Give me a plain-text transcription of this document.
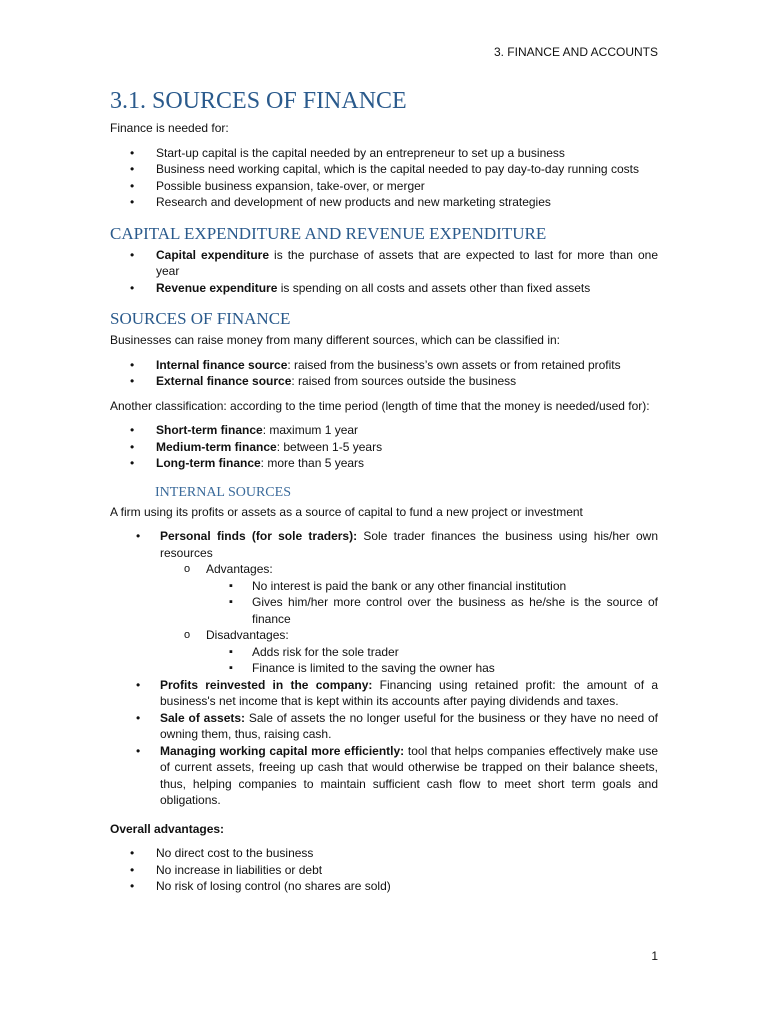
3. FINANCE AND ACCOUNTS
3.1. SOURCES OF FINANCE

Finance is needed for:

• Start-up capital is the capital needed by an entrepreneur to set up a business
• Business need working capital, which is the capital needed to pay day-to-day running costs
• Possible business expansion, take-over, or merger
• Research and development of new products and new marketing strategies
CAPITAL EXPENDITURE AND REVENUE EXPENDITURE
• Capital expenditure is the purchase of assets that are expected to last for more than one year
• Revenue expenditure is spending on all costs and assets other than fixed assets
SOURCES OF FINANCE

Businesses can raise money from many different sources, which can be classified in:

• Internal finance source: raised from the business’s own assets or from retained profits
• External finance source: raised from sources outside the business

Another classification: according to the time period (length of time that the money is needed/used for):

• Short-term finance: maximum 1 year
• Medium-term finance: between 1-5 years
• Long-term finance: more than 5 years
INTERNAL SOURCES

A firm using its profits or assets as a source of capital to fund a new project or investment

• Personal finds (for sole traders): Sole trader finances the business using his/her own resources
o Advantages:
▪ No interest is paid the bank or any other financial institution
▪ Gives him/her more control over the business as he/she is the source of finance
o Disadvantages:
▪ Adds risk for the sole trader
▪ Finance is limited to the saving the owner has
• Profits reinvested in the company: Financing using retained profit: the amount of a business's net income that is kept within its accounts after paying dividends and taxes.
• Sale of assets: Sale of assets the no longer useful for the business or they have no need of owning them, thus, raising cash.
• Managing working capital more efficiently: tool that helps companies effectively make use of current assets, freeing up cash that would otherwise be trapped on their balance sheets, thus, helping companies to maintain sufficient cash flow to meet short term goals and obligations.

Overall advantages:

• No direct cost to the business
• No increase in liabilities or debt
• No risk of losing control (no shares are sold)
1
